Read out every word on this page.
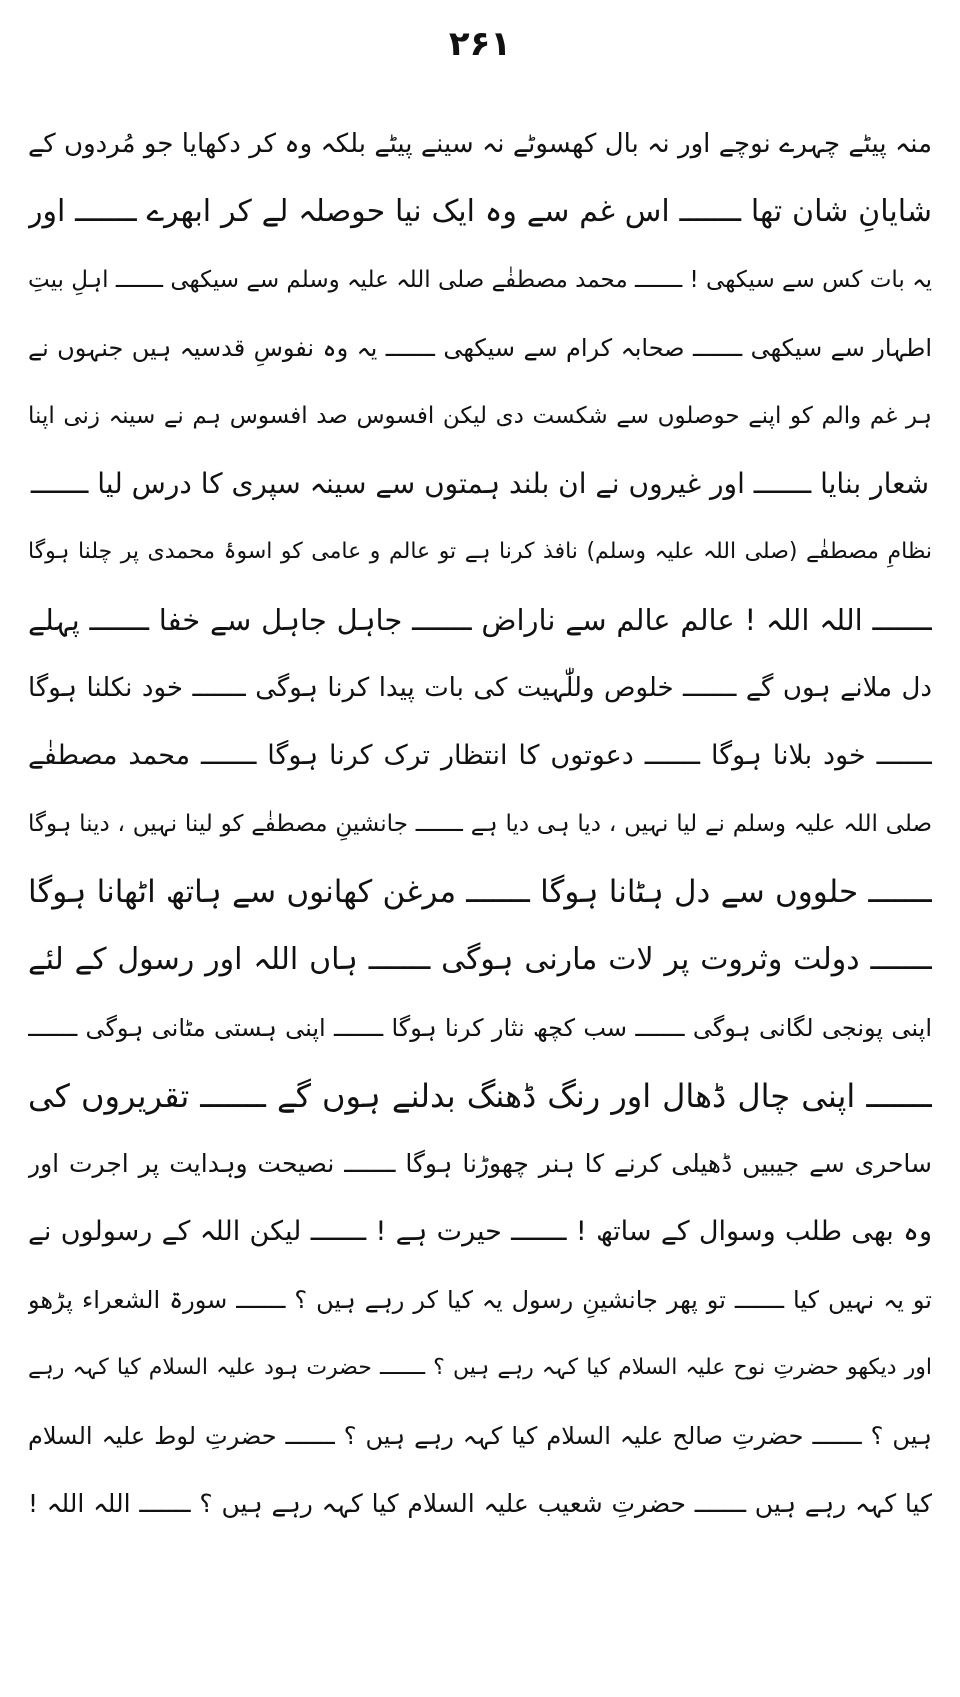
۲۶۱
منہ پیٹے چہرے نوچے اور نہ بال کھسوٹے نہ سینے پیٹے بلکہ وہ کر دکھایا جو مُردوں کے
شایانِ شان تھا ـــــــ اس غم سے وہ ایک نیا حوصلہ لے کر ابھرے ـــــــ اور
یہ بات کس سے سیکھی ! ـــــــ محمد مصطفٰے صلی اللہ علیہ وسلم سے سیکھی ـــــــ اہلِ بیتِ
اطہار سے سیکھی ـــــــ صحابہ کرام سے سیکھی ـــــــ یہ وہ نفوسِ قدسیہ ہیں جنہوں نے
ہر غم والم کو اپنے حوصلوں سے شکست دی لیکن افسوس صد افسوس ہم نے سینہ زنی اپنا
شعار بنایا ـــــــ اور غیروں نے ان بلند ہمتوں سے سینہ سپری کا درس لیا ـــــــ
نظامِ مصطفٰے (صلی اللہ علیہ وسلم) نافذ کرنا ہے تو عالم و عامی کو اسوۂ محمدی پر چلنا ہوگا
ـــــــ اللہ اللہ ! عالم عالم سے ناراض ـــــــ جاہل جاہل سے خفا ـــــــ پہلے
دل ملانے ہوں گے ـــــــ خلوص وللّٰہیت کی بات پیدا کرنا ہوگی ـــــــ خود نکلنا ہوگا
ـــــــ خود بلانا ہوگا ـــــــ دعوتوں کا انتظار ترک کرنا ہوگا ـــــــ محمد مصطفٰے
صلی اللہ علیہ وسلم نے لیا نہیں ، دیا ہی دیا ہے ـــــــ جانشینِ مصطفٰے کو لینا نہیں ، دینا ہوگا
ـــــــ حلووں سے دل ہٹانا ہوگا ـــــــ مرغن کھانوں سے ہاتھ اٹھانا ہوگا
ـــــــ دولت وثروت پر لات مارنی ہوگی ـــــــ ہاں اللہ اور رسول کے لئے
اپنی پونجی لگانی ہوگی ـــــــ سب کچھ نثار کرنا ہوگا ـــــــ اپنی ہستی مٹانی ہوگی ـــــــ
ـــــــ اپنی چال ڈھال اور رنگ ڈھنگ بدلنے ہوں گے ـــــــ تقریروں کی
ساحری سے جیبیں ڈھیلی کرنے کا ہنر چھوڑنا ہوگا ـــــــ نصیحت وہدایت پر اجرت اور
وہ بھی طلب وسوال کے ساتھ ! ـــــــ حیرت ہے ! ـــــــ لیکن اللہ کے رسولوں نے
تو یہ نہیں کیا ـــــــ تو پھر جانشینِ رسول یہ کیا کر رہے ہیں ؟ ـــــــ سورۃ الشعراء پڑھو
اور دیکھو حضرتِ نوح علیہ السلام کیا کہہ رہے ہیں ؟ ـــــــ حضرت ہود علیہ السلام کیا کہہ رہے
ہیں ؟ ـــــــ حضرتِ صالح علیہ السلام کیا کہہ رہے ہیں ؟ ـــــــ حضرتِ لوط علیہ السلام
کیا کہہ رہے ہیں ـــــــ حضرتِ شعیب علیہ السلام کیا کہہ رہے ہیں ؟ ـــــــ اللہ اللہ !
